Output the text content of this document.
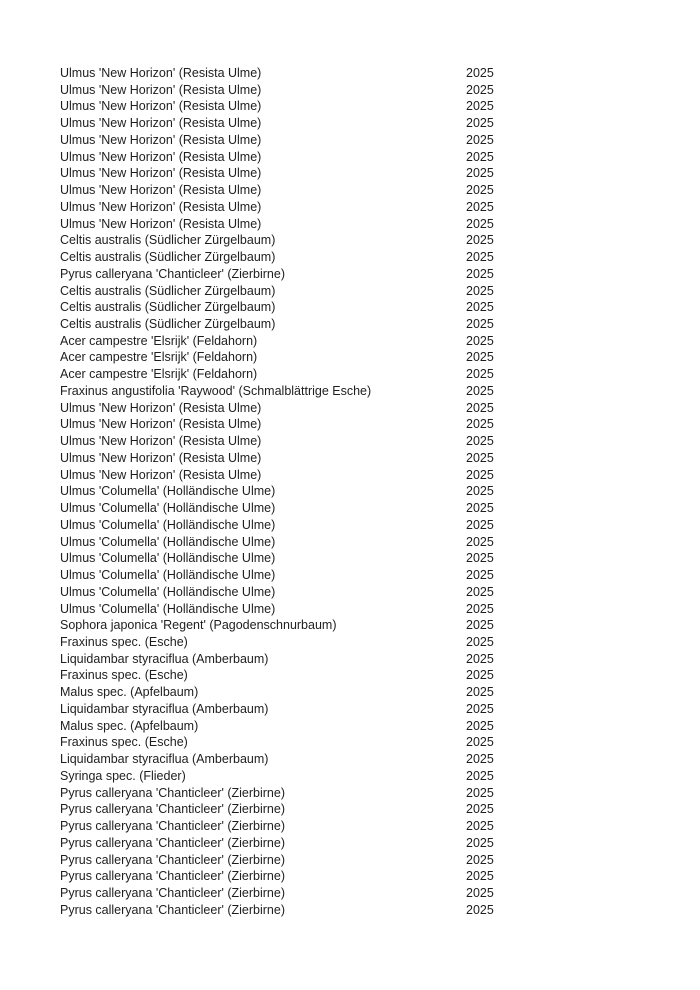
Ulmus 'New Horizon' (Resista Ulme)	2025
Ulmus 'New Horizon' (Resista Ulme)	2025
Ulmus 'New Horizon' (Resista Ulme)	2025
Ulmus 'New Horizon' (Resista Ulme)	2025
Ulmus 'New Horizon' (Resista Ulme)	2025
Ulmus 'New Horizon' (Resista Ulme)	2025
Ulmus 'New Horizon' (Resista Ulme)	2025
Ulmus 'New Horizon' (Resista Ulme)	2025
Ulmus 'New Horizon' (Resista Ulme)	2025
Ulmus 'New Horizon' (Resista Ulme)	2025
Celtis australis (Südlicher Zürgelbaum)	2025
Celtis australis (Südlicher Zürgelbaum)	2025
Pyrus calleryana 'Chanticleer' (Zierbirne)	2025
Celtis australis (Südlicher Zürgelbaum)	2025
Celtis australis (Südlicher Zürgelbaum)	2025
Celtis australis (Südlicher Zürgelbaum)	2025
Acer campestre 'Elsrijk' (Feldahorn)	2025
Acer campestre 'Elsrijk' (Feldahorn)	2025
Acer campestre 'Elsrijk' (Feldahorn)	2025
Fraxinus angustifolia 'Raywood' (Schmalblättrige Esche)	2025
Ulmus 'New Horizon' (Resista Ulme)	2025
Ulmus 'New Horizon' (Resista Ulme)	2025
Ulmus 'New Horizon' (Resista Ulme)	2025
Ulmus 'New Horizon' (Resista Ulme)	2025
Ulmus 'New Horizon' (Resista Ulme)	2025
Ulmus 'Columella' (Holländische Ulme)	2025
Ulmus 'Columella' (Holländische Ulme)	2025
Ulmus 'Columella' (Holländische Ulme)	2025
Ulmus 'Columella' (Holländische Ulme)	2025
Ulmus 'Columella' (Holländische Ulme)	2025
Ulmus 'Columella' (Holländische Ulme)	2025
Ulmus 'Columella' (Holländische Ulme)	2025
Ulmus 'Columella' (Holländische Ulme)	2025
Sophora japonica 'Regent' (Pagodenschnurbaum)	2025
Fraxinus spec. (Esche)	2025
Liquidambar styraciflua (Amberbaum)	2025
Fraxinus spec. (Esche)	2025
Malus spec. (Apfelbaum)	2025
Liquidambar styraciflua (Amberbaum)	2025
Malus spec. (Apfelbaum)	2025
Fraxinus spec. (Esche)	2025
Liquidambar styraciflua (Amberbaum)	2025
Syringa spec. (Flieder)	2025
Pyrus calleryana 'Chanticleer' (Zierbirne)	2025
Pyrus calleryana 'Chanticleer' (Zierbirne)	2025
Pyrus calleryana 'Chanticleer' (Zierbirne)	2025
Pyrus calleryana 'Chanticleer' (Zierbirne)	2025
Pyrus calleryana 'Chanticleer' (Zierbirne)	2025
Pyrus calleryana 'Chanticleer' (Zierbirne)	2025
Pyrus calleryana 'Chanticleer' (Zierbirne)	2025
Pyrus calleryana 'Chanticleer' (Zierbirne)	2025
